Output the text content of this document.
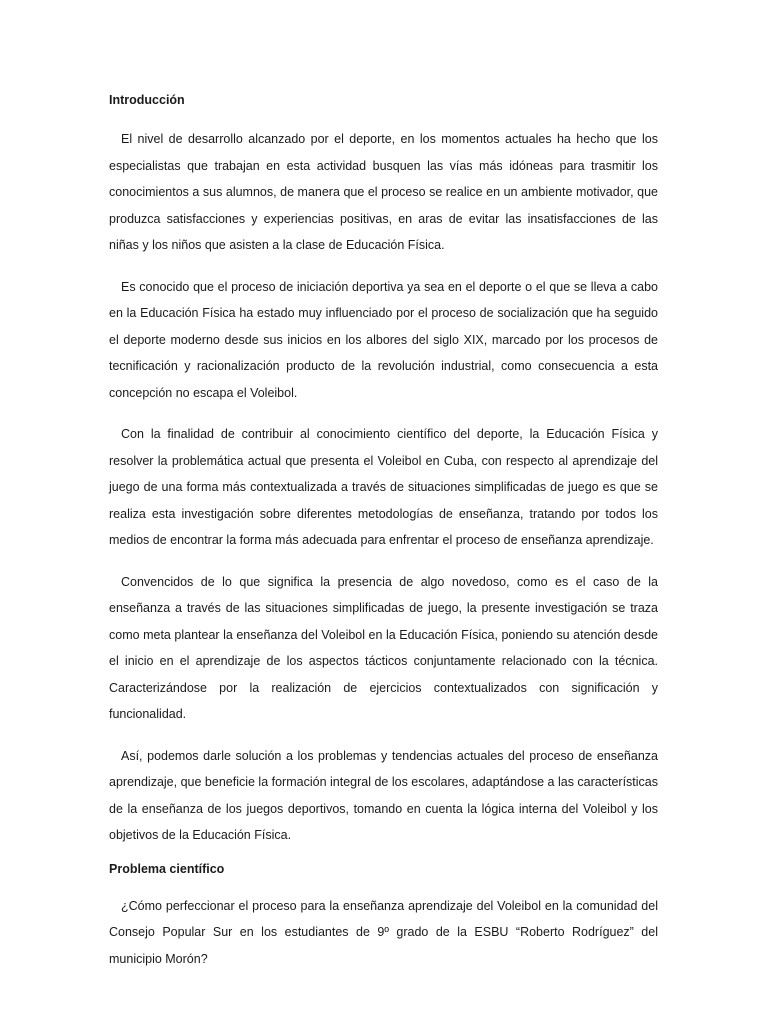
Introducción

El nivel de desarrollo alcanzado por el deporte, en los momentos actuales ha hecho que los especialistas que trabajan en esta actividad busquen las vías más idóneas para trasmitir los conocimientos a sus alumnos, de manera que el proceso se realice en un ambiente motivador, que produzca satisfacciones y experiencias positivas, en aras de evitar las insatisfacciones de las niñas y los niños que asisten a la clase de Educación Física.

Es conocido que el proceso de iniciación deportiva ya sea en el deporte o el que se lleva a cabo en la Educación Física ha estado muy influenciado por el proceso de socialización que ha seguido el deporte moderno desde sus inicios en los albores del siglo XIX, marcado por los procesos de tecnificación y racionalización producto de la revolución industrial, como consecuencia a esta concepción no escapa el Voleibol.

Con la finalidad de contribuir al conocimiento científico del deporte, la Educación Física y resolver la problemática actual que presenta el Voleibol en Cuba, con respecto al aprendizaje del juego de una forma más contextualizada a través de situaciones simplificadas de juego es que se realiza esta investigación sobre diferentes metodologías de enseñanza, tratando por todos los medios de encontrar la forma más adecuada para enfrentar el proceso de enseñanza aprendizaje.

Convencidos de lo que significa la presencia de algo novedoso, como es el caso de la enseñanza a través de las situaciones simplificadas de juego, la presente investigación se traza como meta plantear la enseñanza del Voleibol en la Educación Física, poniendo su atención desde el inicio en el aprendizaje de los aspectos tácticos conjuntamente relacionado con la técnica. Caracterizándose por la realización de ejercicios contextualizados con significación y funcionalidad.

Así, podemos darle solución a los problemas y tendencias actuales del proceso de enseñanza aprendizaje, que beneficie la formación integral de los escolares, adaptándose a las características de la enseñanza de los juegos deportivos, tomando en cuenta la lógica interna del Voleibol y los objetivos de la Educación Física.

Problema científico

¿Cómo perfeccionar el proceso para la enseñanza aprendizaje del Voleibol en la comunidad del Consejo Popular Sur en los estudiantes de 9º grado de la ESBU “Roberto Rodríguez” del municipio Morón?
